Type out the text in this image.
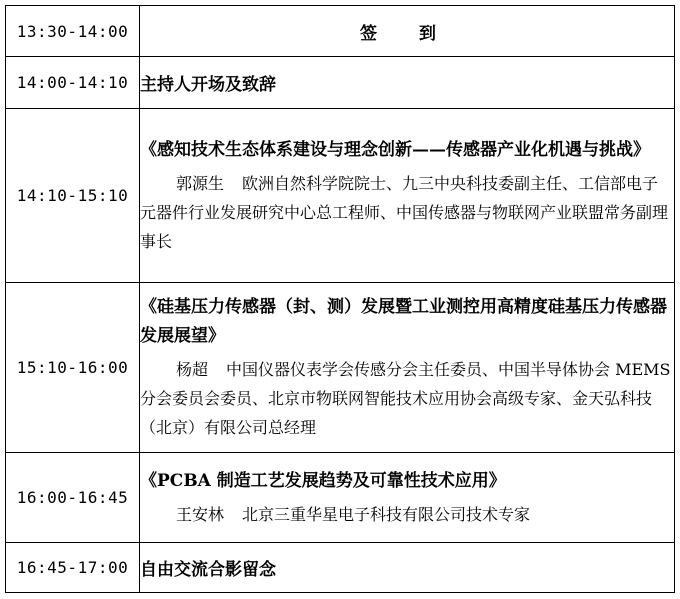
13:30-14:00	签 到
14:00-14:10	主持人开场及致辞
14:10-15:10	《感知技术生态体系建设与理念创新——传感器产业化机遇与挑战》
郭源生 欧洲自然科学院院士、九三中央科技委副主任、工信部电子元器件行业发展研究中心总工程师、中国传感器与物联网产业联盟常务副理事长

15:10-16:00	《硅基压力传感器（封、测）发展暨工业测控用高精度硅基压力传感器发展展望》
杨超 中国仪器仪表学会传感分会主任委员、中国半导体协会 MEMS 分会委员会委员、北京市物联网智能技术应用协会高级专家、金天弘科技（北京）有限公司总经理

16:00-16:45	《PCBA 制造工艺发展趋势及可靠性技术应用》
王安林 北京三重华星电子科技有限公司技术专家

16:45-17:00	自由交流合影留念
